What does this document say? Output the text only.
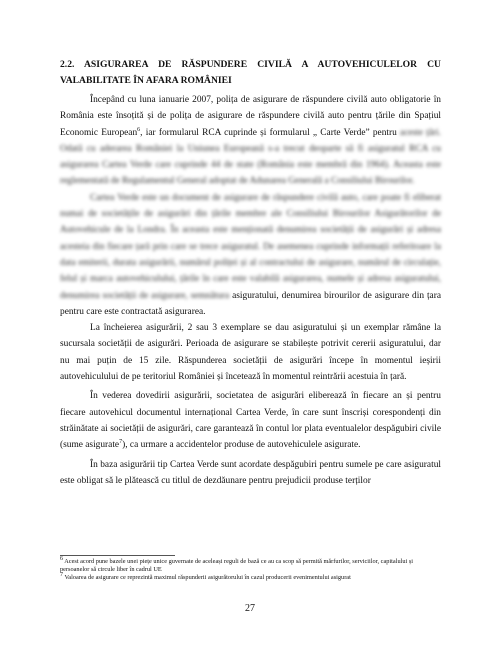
2.2. ASIGURAREA DE RĂSPUNDERE CIVILĂ A AUTOVEHICULELOR CU
VALABILITATE ÎN AFARA ROMÂNIEI

Începând cu luna ianuarie 2007, polița de asigurare de răspundere civilă auto obligatorie în România este însoțită și de polița de asigurare de răspundere civilă auto pentru țările din Spațiul Economic European$^6$, iar formularul RCA cuprinde și formularul „ Carte Verde” pentru aceste țări. Odată cu aderarea României la Uniunea Europeană s-a trecut deoparte să fi asiguratul RCA cu asigurarea Cartea Verde care cuprinde 44 de state (România este membră din 1964). Aceasta este reglementată de Regulamentul General adoptat de Adunarea Generală a Consiliului Birourilor.

Cartea Verde este un document de asigurare de răspundere civilă auto, care poate fi eliberat numai de societățile de asigurări din țările membre ale Consiliului Birourilor Asigurătorilor de Autovehicule de la Londra. În aceasta este menționată denumirea societății de asigurări și adresa acesteia din fiecare țară prin care se trece asiguratul. De asemenea cuprinde informații referitoare la data emiterii, durata asigurării, numărul poliței și al contractului de asigurare, numărul de circulație, felul și marca autovehiculului, țările în care este valabilă asigurarea, numele și adresa asiguratului, denumirea societății de asigurare, semnătura asiguratului, denumirea birourilor de asigurare din țara pentru care este contractată asigurarea.

La încheierea asigurării, 2 sau 3 exemplare se dau asiguratului și un exemplar rămâne la sucursala societății de asigurări. Perioada de asigurare se stabilește potrivit cererii asiguratului, dar nu mai puțin de 15 zile. Răspunderea societății de asigurări începe în momentul ieșirii autovehiculului de pe teritoriul României și încetează în momentul reintrării acestuia în țară.

În vederea dovedirii asigurării, societatea de asigurări eliberează în fiecare an și pentru fiecare autovehicul documentul internațional Cartea Verde, în care sunt înscriși corespondenți din străinătate ai societății de asigurări, care garantează în contul lor plata eventualelor despăgubiri civile (sume asigurate$^7$), ca urmare a accidentelor produse de autovehiculele asigurate.

În baza asigurării tip Cartea Verde sunt acordate despăgubiri pentru sumele pe care asiguratul este obligat să le plătească cu titlul de dezdăunare pentru prejudicii produse terților

6 Acest acord pune bazele unei piețe unice guvernate de aceleași reguli de bază ce au ca scop să permită mărfurilor, serviciilor, capitalului și persoanelor să circule liber în cadrul UE

7 Valoarea de asigurare ce reprezintă maximul răspunderii asigurătorului în cazul producerii evenimentului asigurat

27
